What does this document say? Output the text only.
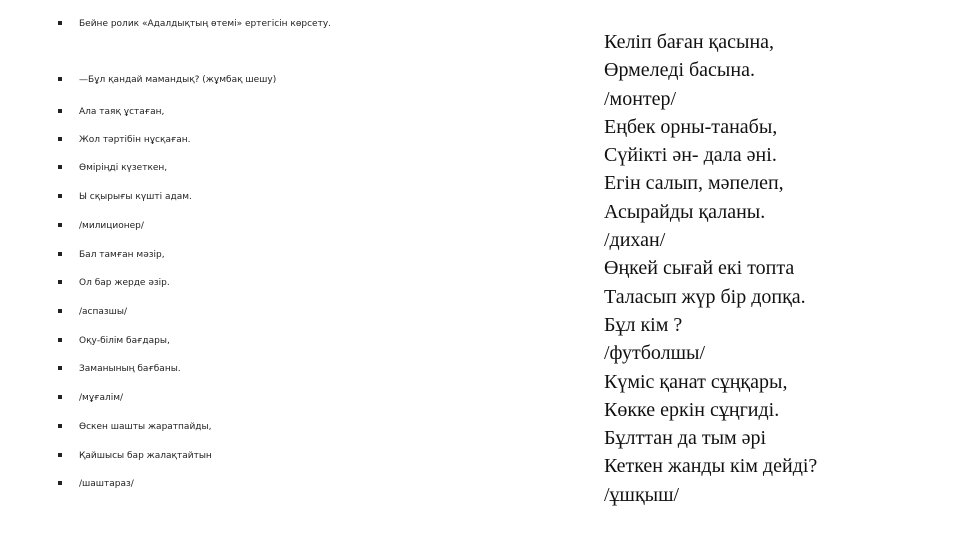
Бейне ролик «Адалдықтың өтемі» ертегісін көрсету.
—Бұл қандай мамандық? (жұмбақ шешу)
Ала таяқ ұстаған,
Жол тәртібін нұсқаған.
Өміріңді күзеткен,
Ы сқырығы күшті адам.
/милиционер/
Бал тамған мәзір,
Ол бар жерде әзір.
/аспазшы/
Оқу-білім бағдары,
Заманының бағбаны.
/мұғалім/
Өскен шашты жаратпайды,
Қайшысы бар жалақтайтын
/шаштараз/
Келіп баған қасына,
Өрмеледі басына.
/монтер/
Еңбек орны-танабы,
Сүйікті ән- дала әні.
Егін салып, мәпелеп,
Асырайды қаланы.
/дихан/
Өңкей сығай екі топта
Таласып жүр бір допқа.
Бұл кім ?
/футболшы/
Күміс қанат сұңқары,
Көкке еркін сұңгиді.
Бұлттан да тым әрі
Кеткен жанды кім дейді?
/ұшқыш/
